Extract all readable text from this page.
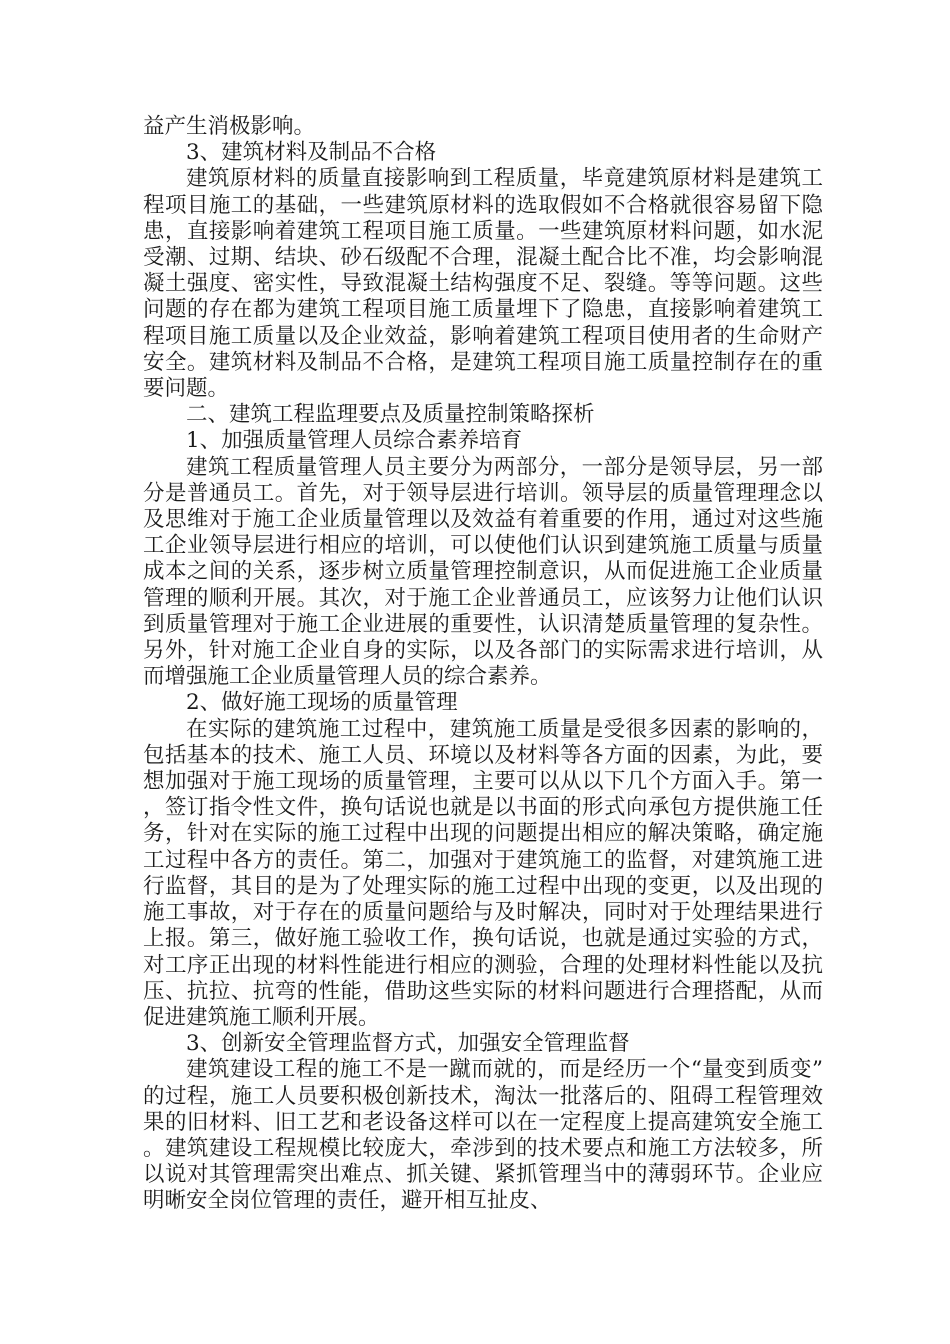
益产生消极影响。

3、建筑材料及制品不合格

建筑原材料的质量直接影响到工程质量，毕竟建筑原材料是建筑工程项目施工的基础，一些建筑原材料的选取假如不合格就很容易留下隐患，直接影响着建筑工程项目施工质量。一些建筑原材料问题，如水泥受潮、过期、结块、砂石级配不合理，混凝土配合比不准，均会影响混凝土强度、密实性，导致混凝土结构强度不足、裂缝。等等问题。这些问题的存在都为建筑工程项目施工质量埋下了隐患，直接影响着建筑工程项目施工质量以及企业效益，影响着建筑工程项目使用者的生命财产安全。建筑材料及制品不合格，是建筑工程项目施工质量控制存在的重要问题。

二、建筑工程监理要点及质量控制策略探析

1、加强质量管理人员综合素养培育

建筑工程质量管理人员主要分为两部分，一部分是领导层，另一部分是普通员工。首先，对于领导层进行培训。领导层的质量管理理念以及思维对于施工企业质量管理以及效益有着重要的作用，通过对这些施工企业领导层进行相应的培训，可以使他们认识到建筑施工质量与质量成本之间的关系，逐步树立质量管理控制意识，从而促进施工企业质量管理的顺利开展。其次，对于施工企业普通员工，应该努力让他们认识到质量管理对于施工企业进展的重要性，认识清楚质量管理的复杂性。另外，针对施工企业自身的实际，以及各部门的实际需求进行培训，从而增强施工企业质量管理人员的综合素养。

2、做好施工现场的质量管理

在实际的建筑施工过程中，建筑施工质量是受很多因素的影响的，包括基本的技术、施工人员、环境以及材料等各方面的因素，为此，要想加强对于施工现场的质量管理，主要可以从以下几个方面入手。第一，签订指令性文件，换句话说也就是以书面的形式向承包方提供施工任务，针对在实际的施工过程中出现的问题提出相应的解决策略，确定施工过程中各方的责任。第二，加强对于建筑施工的监督，对建筑施工进行监督，其目的是为了处理实际的施工过程中出现的变更，以及出现的施工事故，对于存在的质量问题给与及时解决，同时对于处理结果进行上报。第三，做好施工验收工作，换句话说，也就是通过实验的方式，对工序正出现的材料性能进行相应的测验，合理的处理材料性能以及抗压、抗拉、抗弯的性能，借助这些实际的材料问题进行合理搭配，从而促进建筑施工顺利开展。

3、创新安全管理监督方式，加强安全管理监督

建筑建设工程的施工不是一蹴而就的，而是经历一个“量变到质变”的过程，施工人员要积极创新技术，淘汰一批落后的、阻碍工程管理效果的旧材料、旧工艺和老设备这样可以在一定程度上提高建筑安全施工。建筑建设工程规模比较庞大，牵涉到的技术要点和施工方法较多，所以说对其管理需突出难点、抓关键、紧抓管理当中的薄弱环节。企业应明晰安全岗位管理的责任，避开相互扯皮、
